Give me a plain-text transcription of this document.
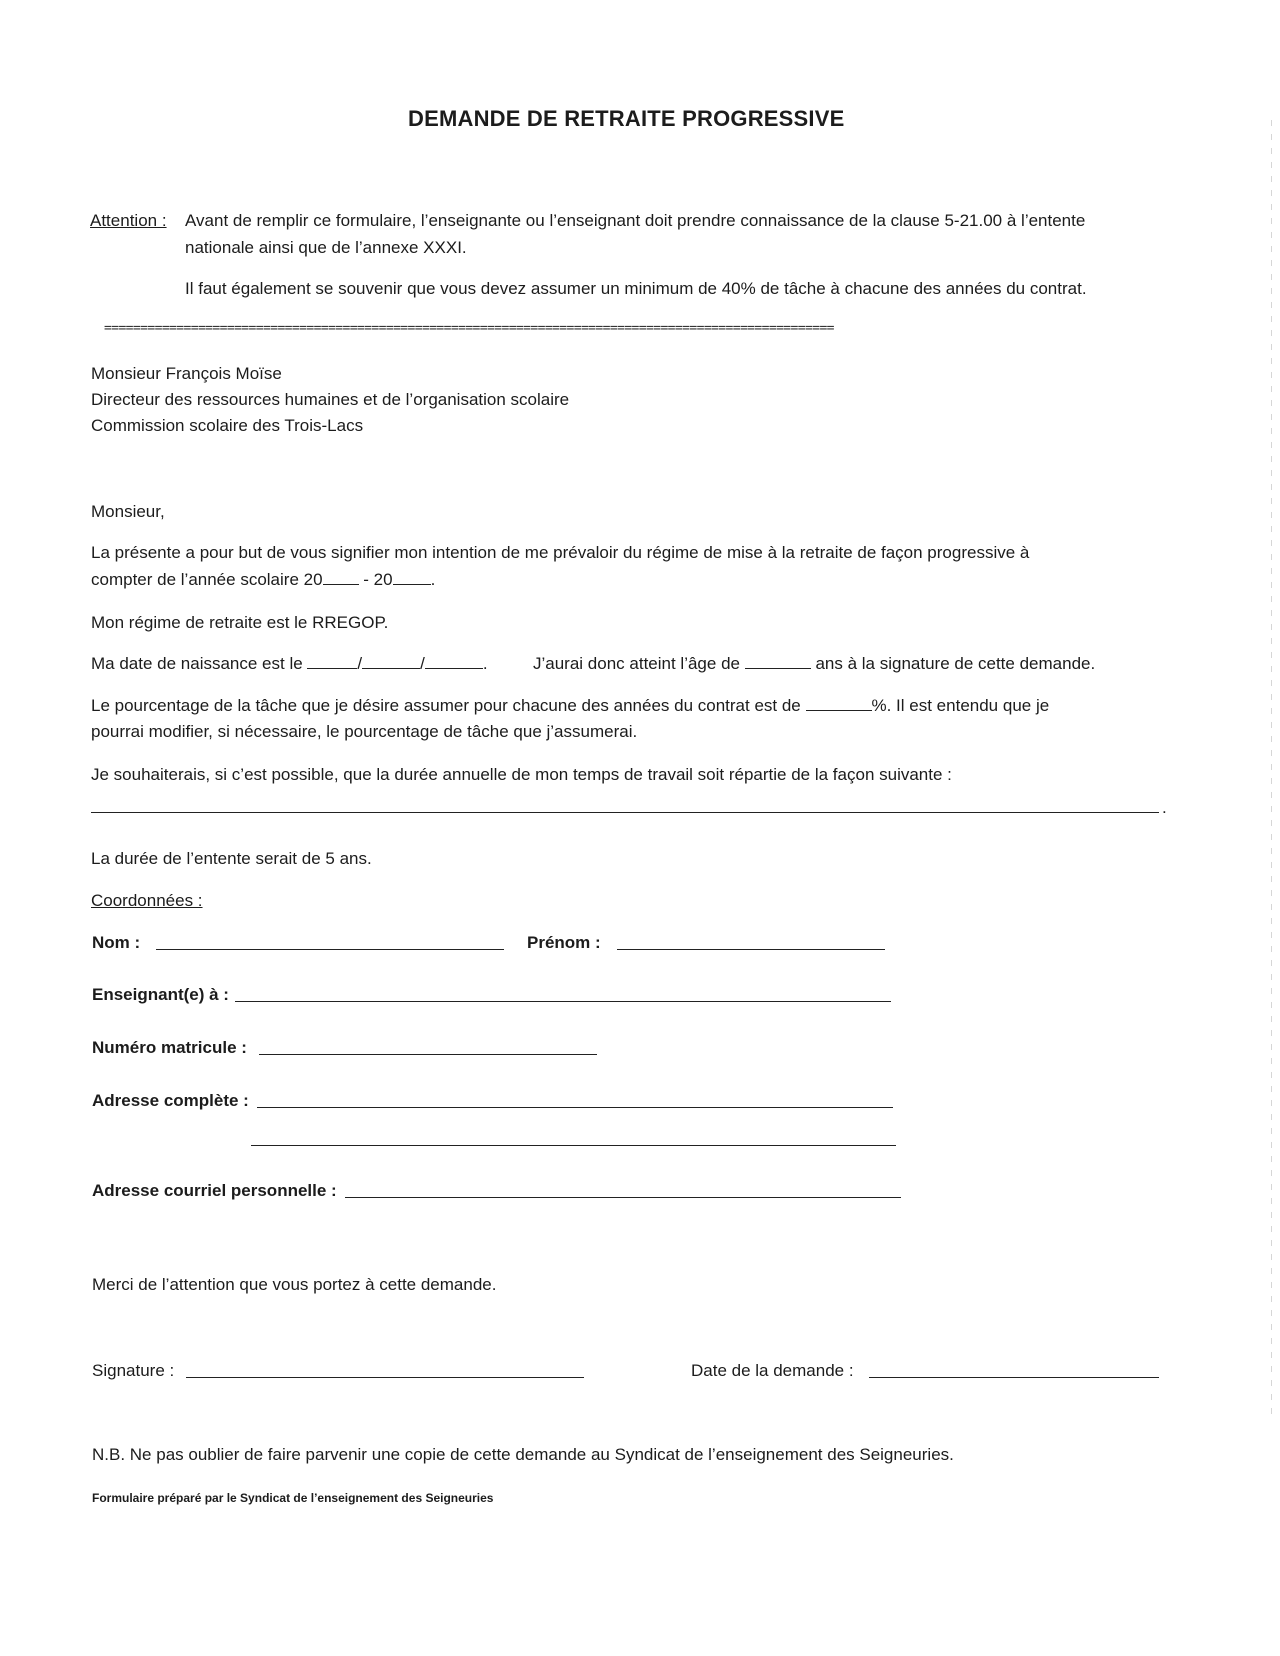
DEMANDE DE RETRAITE PROGRESSIVE
Attention : Avant de remplir ce formulaire, l’enseignante ou l’enseignant doit prendre connaissance de la clause 5-21.00 à l’entente
nationale ainsi que de l’annexe XXXI.
Il faut également se souvenir que vous devez assumer un minimum de 40% de tâche à chacune des années du contrat.
=====================================================================================================
Monsieur François Moïse
Directeur des ressources humaines et de l’organisation scolaire
Commission scolaire des Trois-Lacs
Monsieur,
La présente a pour but de vous signifier mon intention de me prévaloir du régime de mise à la retraite de façon progressive à
compter de l’année scolaire 20 - 20 .
Mon régime de retraite est le RREGOP.
Ma date de naissance est le	/	/	.	J’aurai donc atteint l’âge de	ans à la signature de cette demande.
Le pourcentage de la tâche que je désire assumer pour chacune des années du contrat est de	%. Il est entendu que je
pourrai modifier, si nécessaire, le pourcentage de tâche que j’assumerai.
Je souhaiterais, si c’est possible, que la durée annuelle de mon temps de travail soit répartie de la façon suivante :
.
La durée de l’entente serait de 5 ans.
Coordonnées :
Nom :	Prénom :
Enseignant(e) à :
Numéro matricule :
Adresse complète :
Adresse courriel personnelle :
Merci de l’attention que vous portez à cette demande.
Signature :	Date de la demande :
N.B. Ne pas oublier de faire parvenir une copie de cette demande au Syndicat de l’enseignement des Seigneuries.
Formulaire préparé par le Syndicat de l’enseignement des Seigneuries
